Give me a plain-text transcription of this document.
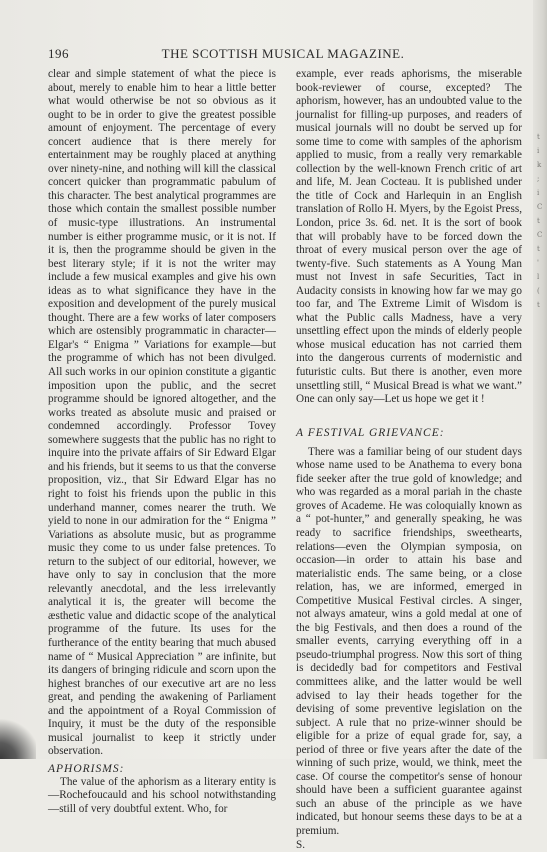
t
i
k
;
i
C
t
C
t
'
l
(
t
196	THE SCOTTISH MUSICAL MAGAZINE.

clear and simple statement of what the piece is about, merely to enable him to hear a little better what would otherwise be not so obvious as it ought to be in order to give the greatest possible amount of enjoyment. The percentage of every concert audience that is there merely for entertainment may be roughly placed at anything over ninety-nine, and nothing will kill the classical concert quicker than programmatic pabulum of this character. The best analytical programmes are those which contain the smallest possible number of music-type illustrations. An instrumental number is either programme music, or it is not. If it is, then the programme should be given in the best literary style; if it is not the writer may include a few musical examples and give his own ideas as to what significance they have in the exposition and development of the purely musical thought. There are a few works of later composers which are ostensibly programmatic in character—Elgar's “ Enigma ” Variations for example—but the programme of which has not been divulged. All such works in our opinion constitute a gigantic imposition upon the public, and the secret programme should be ignored altogether, and the works treated as absolute music and praised or condemned accordingly. Professor Tovey somewhere suggests that the public has no right to inquire into the private affairs of Sir Edward Elgar and his friends, but it seems to us that the converse proposition, viz., that Sir Edward Elgar has no right to foist his friends upon the public in this underhand manner, comes nearer the truth. We yield to none in our admiration for the “ Enigma ” Variations as absolute music, but as programme music they come to us under false pretences. To return to the subject of our editorial, however, we have only to say in conclusion that the more relevantly anecdotal, and the less irrelevantly analytical it is, the greater will become the æsthetic value and didactic scope of the analytical programme of the future. Its uses for the furtherance of the entity bearing that much abused name of “ Musical Appreciation ” are infinite, but its dangers of bringing ridicule and scorn upon the highest branches of our executive art are no less great, and pending the awakening of Parliament and the appointment of a Royal Commission of Inquiry, it must be the duty of the responsible musical journalist to keep it strictly under observation.

APHORISMS:

The value of the aphorism as a literary entity is—Rochefoucauld and his school notwithstanding—still of very doubtful extent. Who, for

example, ever reads aphorisms, the miserable book-reviewer of course, excepted? The aphorism, however, has an undoubted value to the journalist for filling-up purposes, and readers of musical journals will no doubt be served up for some time to come with samples of the aphorism applied to music, from a really very remarkable collection by the well-known French critic of art and life, M. Jean Cocteau. It is published under the title of Cock and Harlequin in an English translation of Rollo H. Myers, by the Egoist Press, London, price 3s. 6d. net. It is the sort of book that will probably have to be forced down the throat of every musical person over the age of twenty-five. Such statements as A Young Man must not Invest in safe Securities, Tact in Audacity consists in knowing how far we may go too far, and The Extreme Limit of Wisdom is what the Public calls Madness, have a very unsettling effect upon the minds of elderly people whose musical education has not carried them into the dangerous currents of modernistic and futuristic cults. But there is another, even more unsettling still, “ Musical Bread is what we want.” One can only say—Let us hope we get it !

A FESTIVAL GRIEVANCE:

There was a familiar being of our student days whose name used to be Anathema to every bona fide seeker after the true gold of knowledge; and who was regarded as a moral pariah in the chaste groves of Academe. He was coloquially known as a “ pot-hunter,” and generally speaking, he was ready to sacrifice friendships, sweethearts, relations—even the Olympian symposia, on occasion—in order to attain his base and materialistic ends. The same being, or a close relation, has, we are informed, emerged in Competitive Musical Festival circles. A singer, not always amateur, wins a gold medal at one of the big Festivals, and then does a round of the smaller events, carrying everything off in a pseudo-triumphal progress. Now this sort of thing is decidedly bad for competitors and Festival committees alike, and the latter would be well advised to lay their heads together for the devising of some preventive legislation on the subject. A rule that no prize-winner should be eligible for a prize of equal grade for, say, a period of three or five years after the date of the winning of such prize, would, we think, meet the case. Of course the competitor's sense of honour should have been a sufficient guarantee against such an abuse of the principle as we have indicated, but honour seems these days to be at a premium.

S.
